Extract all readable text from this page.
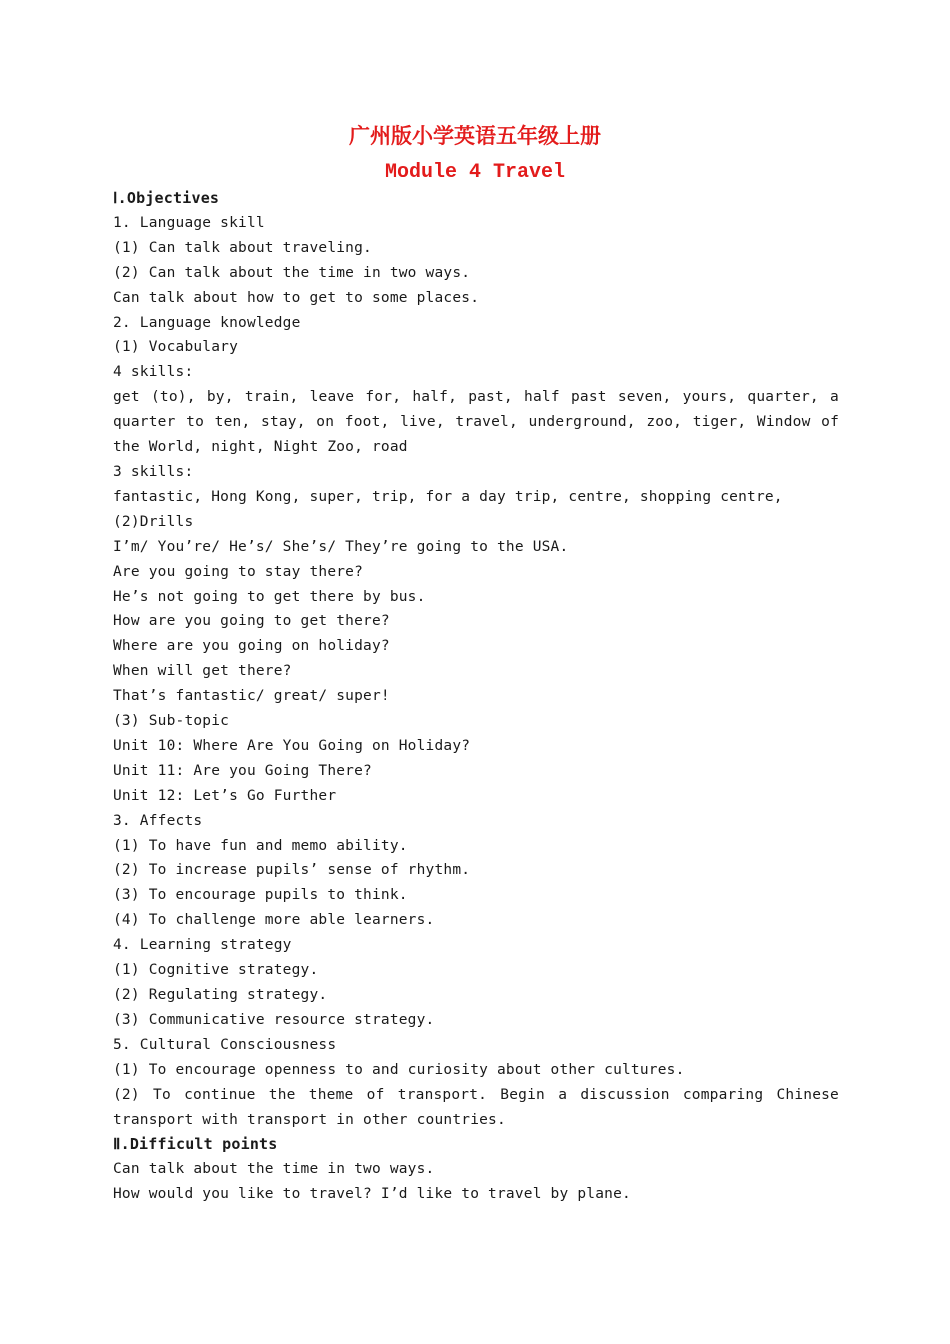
广州版小学英语五年级上册
Module 4 Travel
Ⅰ.Objectives
1. Language skill
(1) Can talk about traveling.
(2) Can talk about the time in two ways.
Can talk about how to get to some places.
2. Language knowledge
(1) Vocabulary
4 skills:
get (to), by, train, leave for, half, past, half past seven, yours, quarter, a quarter to ten, stay, on foot, live, travel, underground, zoo, tiger, Window of the World, night, Night Zoo, road
3 skills:
fantastic, Hong Kong, super, trip, for a day trip, centre, shopping centre,
(2)Drills
I’m/ You’re/ He’s/ She’s/ They’re going to the USA.
Are you going to stay there?
He’s not going to get there by bus.
How are you going to get there?
Where are you going on holiday?
When will get there?
That’s fantastic/ great/ super!
(3) Sub-topic
Unit 10: Where Are You Going on Holiday?
Unit 11: Are you Going There?
Unit 12: Let’s Go Further
3. Affects
(1) To have fun and memo ability.
(2) To increase pupils’ sense of rhythm.
(3) To encourage pupils to think.
(4) To challenge more able learners.
4. Learning strategy
(1) Cognitive strategy.
(2) Regulating strategy.
(3) Communicative resource strategy.
5. Cultural Consciousness
(1) To encourage openness to and curiosity about other cultures.
(2) To continue the theme of transport. Begin a discussion comparing Chinese transport with transport in other countries.
Ⅱ.Difficult points
Can talk about the time in two ways.
How would you like to travel? I’d like to travel by plane.
